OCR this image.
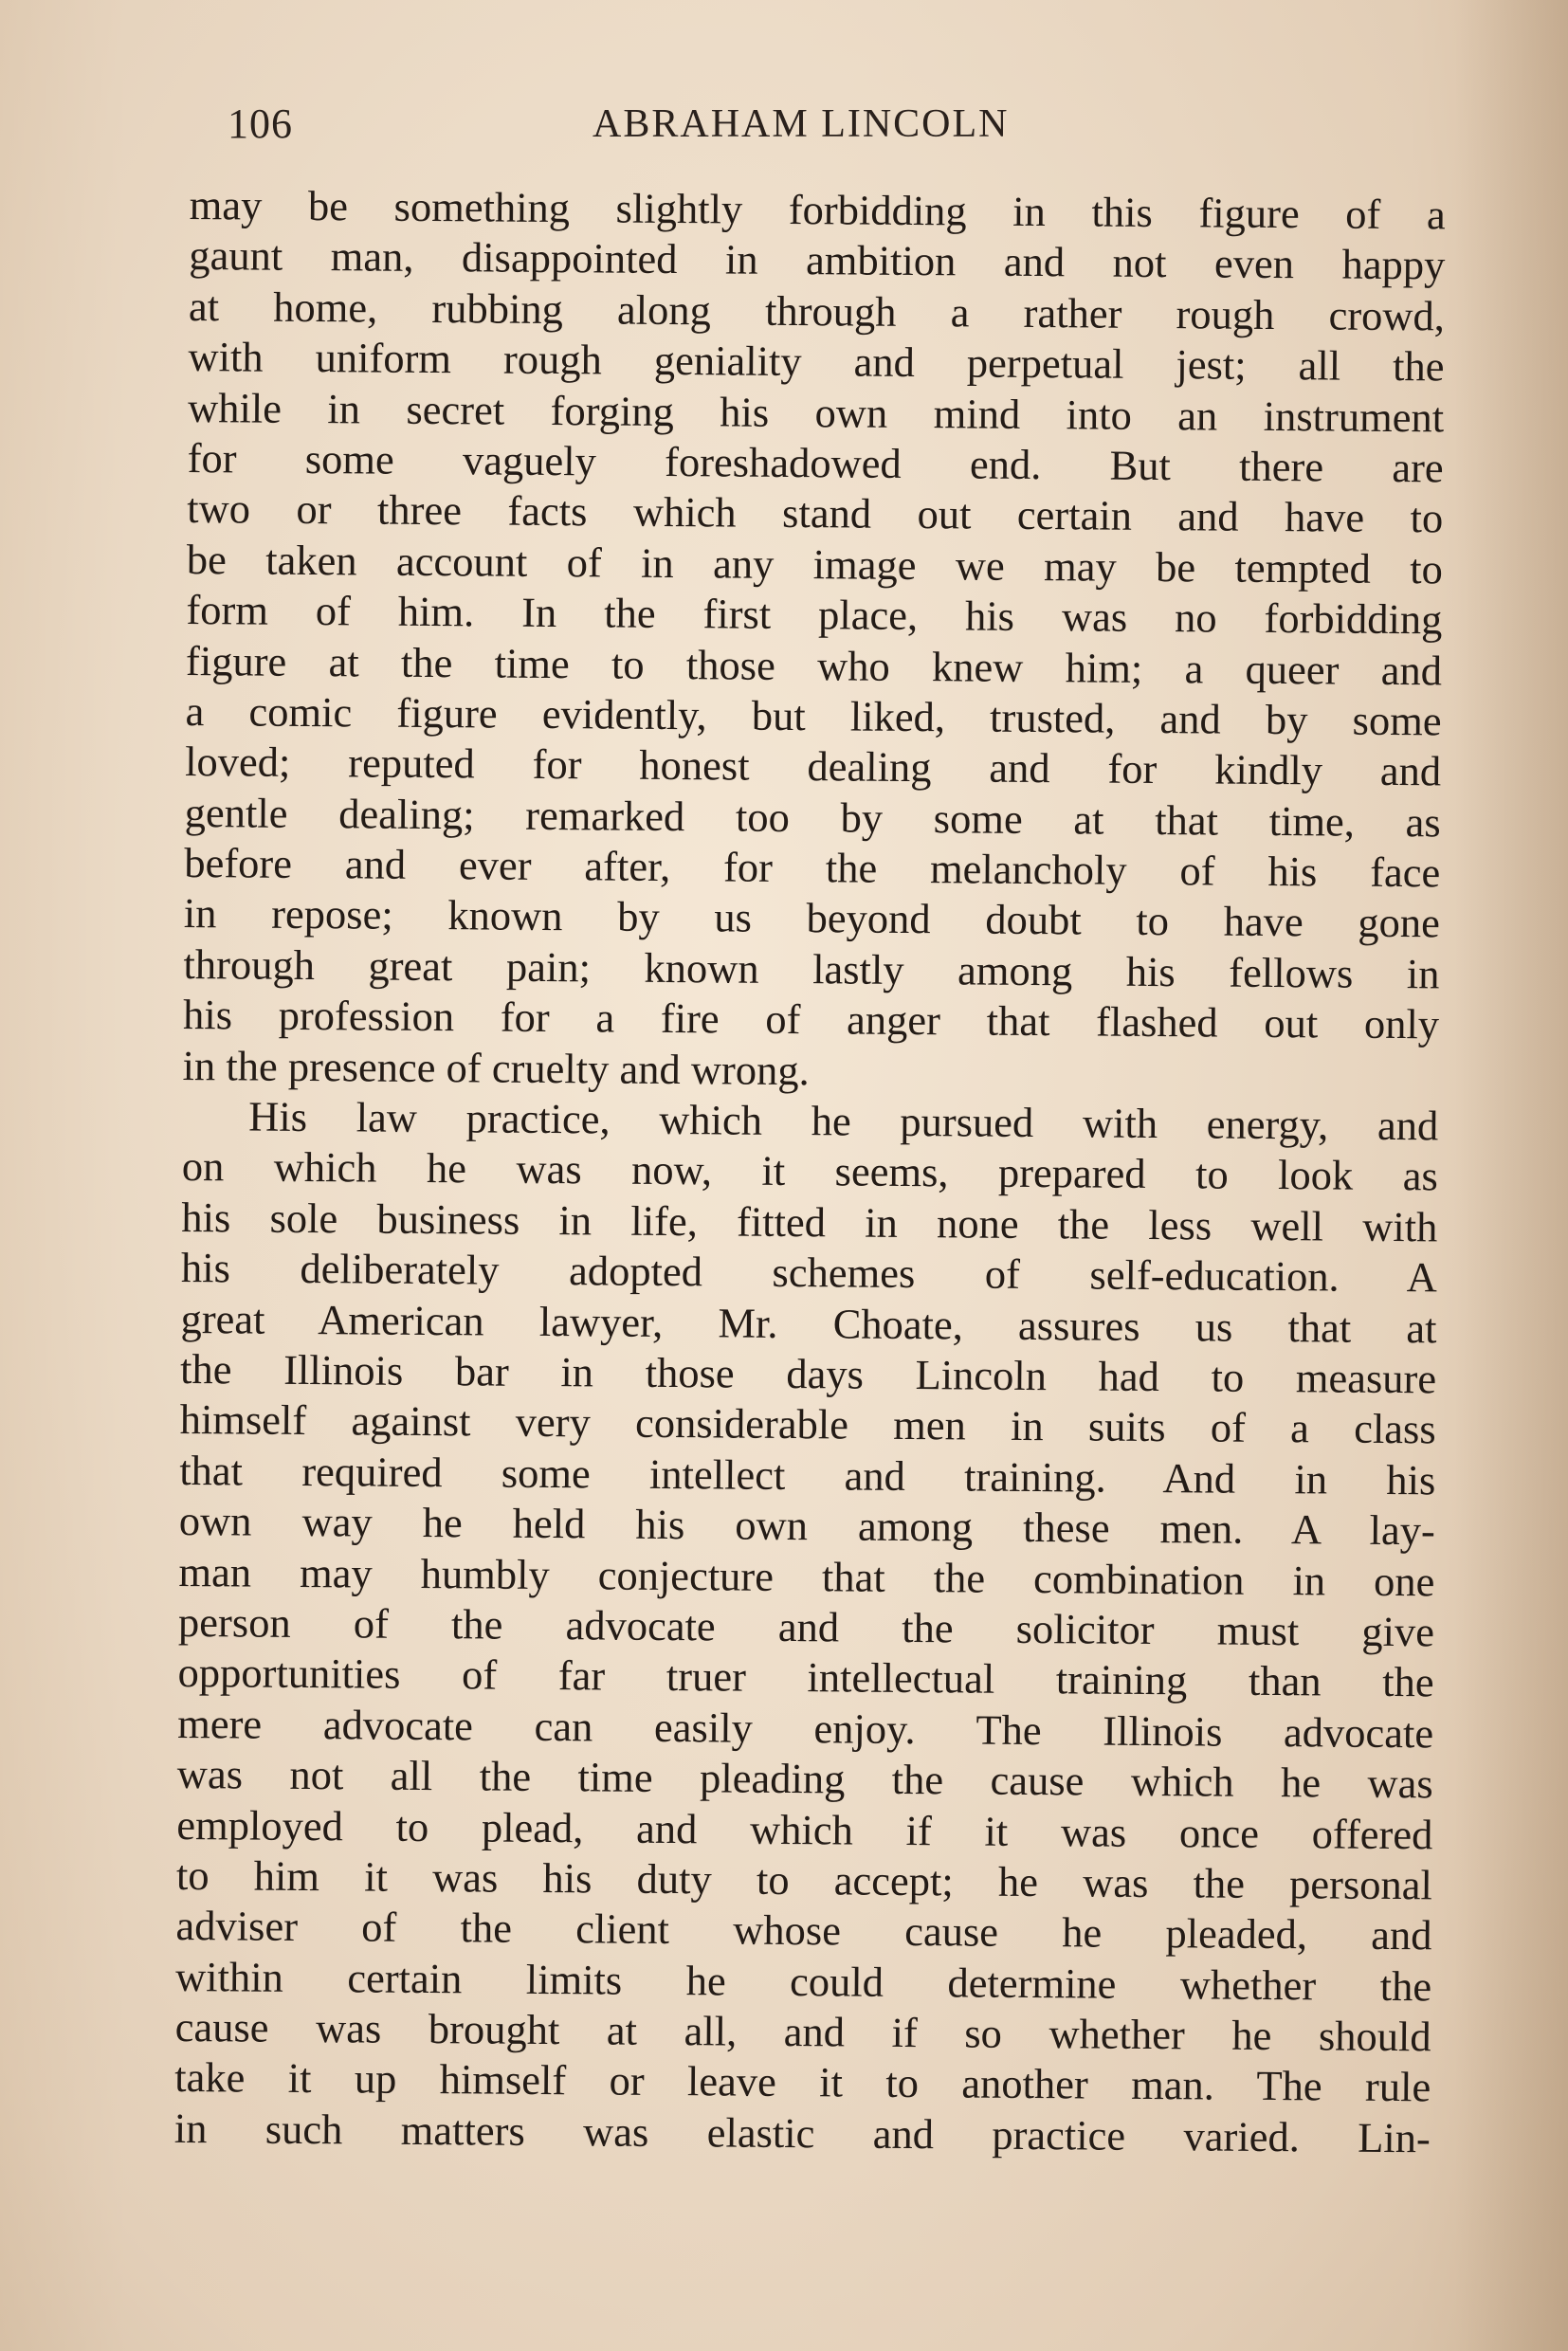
106	ABRAHAM LINCOLN
may be something slightly forbidding in this figure of a
gaunt man, disappointed in ambition and not even happy
at home, rubbing along through a rather rough crowd,
with uniform rough geniality and perpetual jest; all the
while in secret forging his own mind into an instrument
for some vaguely foreshadowed end. But there are
two or three facts which stand out certain and have to
be taken account of in any image we may be tempted to
form of him. In the first place, his was no forbidding
figure at the time to those who knew him; a queer and
a comic figure evidently, but liked, trusted, and by some
loved; reputed for honest dealing and for kindly and
gentle dealing; remarked too by some at that time, as
before and ever after, for the melancholy of his face
in repose; known by us beyond doubt to have gone
through great pain; known lastly among his fellows in
his profession for a fire of anger that flashed out only
in the presence of cruelty and wrong.
His law practice, which he pursued with energy, and
on which he was now, it seems, prepared to look as
his sole business in life, fitted in none the less well with
his deliberately adopted schemes of self-education. A
great American lawyer, Mr. Choate, assures us that at
the Illinois bar in those days Lincoln had to measure
himself against very considerable men in suits of a class
that required some intellect and training. And in his
own way he held his own among these men. A lay-
man may humbly conjecture that the combination in one
person of the advocate and the solicitor must give
opportunities of far truer intellectual training than the
mere advocate can easily enjoy. The Illinois advocate
was not all the time pleading the cause which he was
employed to plead, and which if it was once offered
to him it was his duty to accept; he was the personal
adviser of the client whose cause he pleaded, and
within certain limits he could determine whether the
cause was brought at all, and if so whether he should
take it up himself or leave it to another man. The rule
in such matters was elastic and practice varied. Lin-
